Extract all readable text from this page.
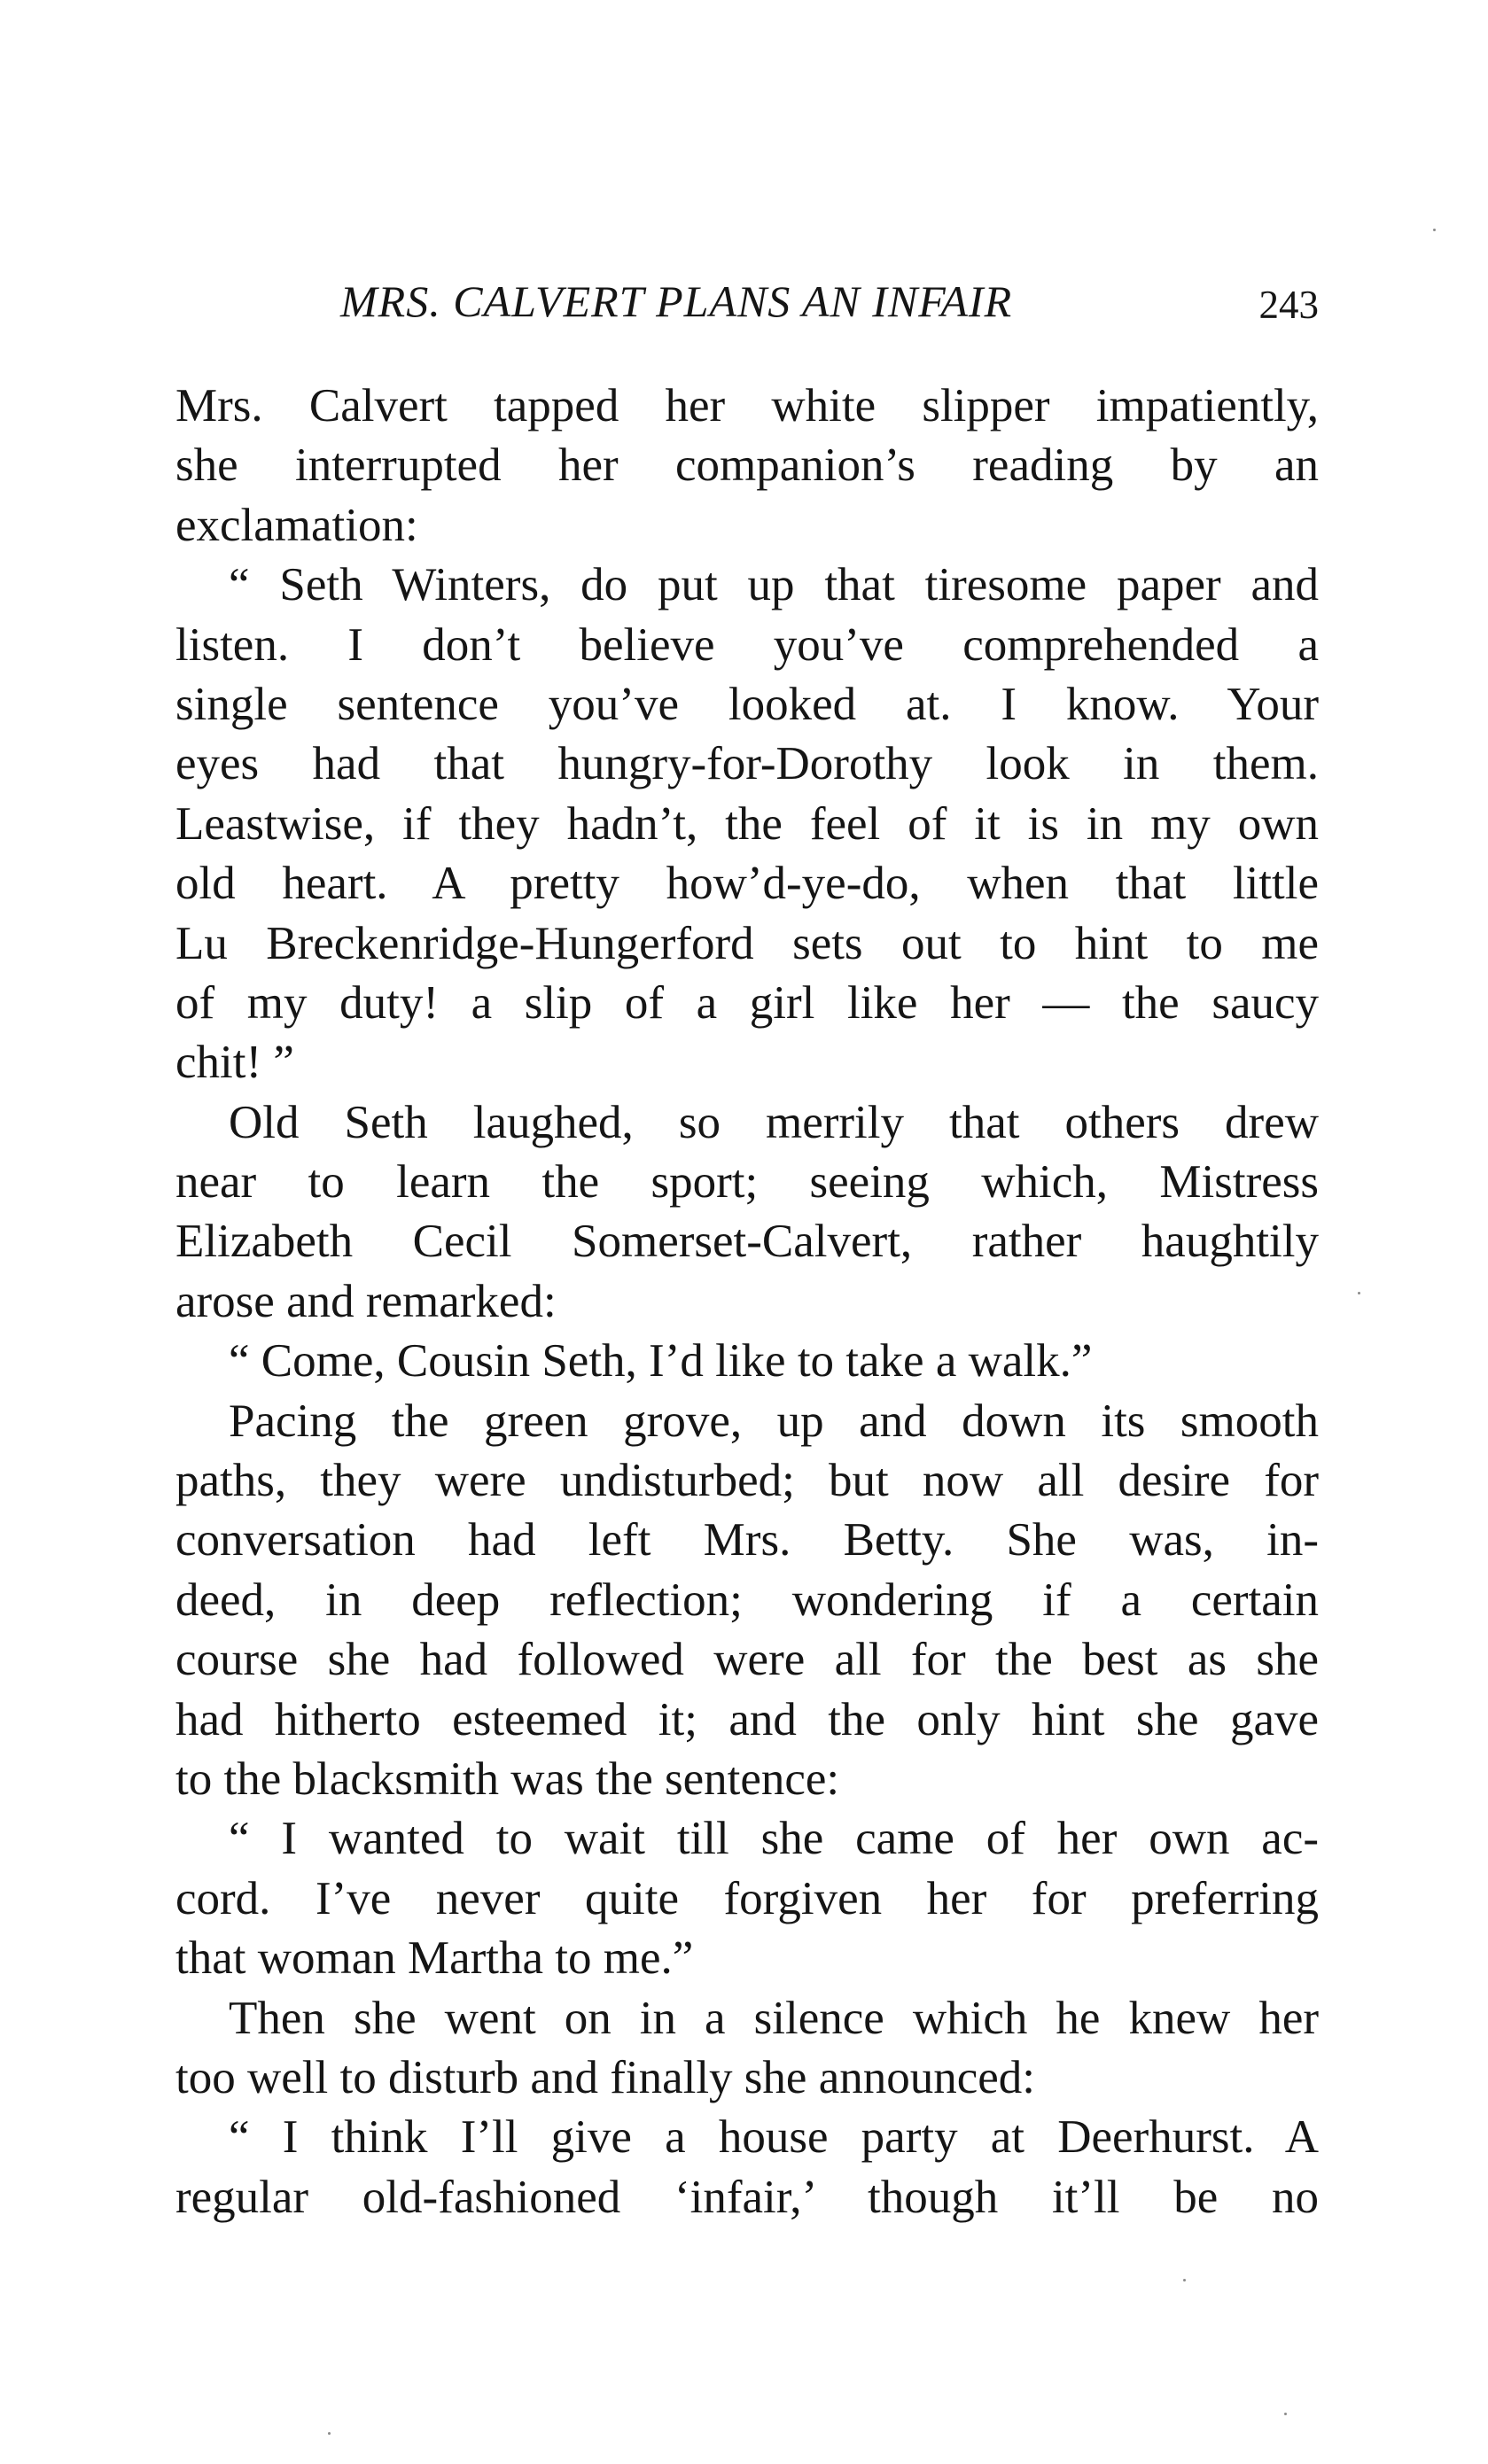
MRS. CALVERT PLANS AN INFAIR	243
Mrs. Calvert tapped her white slipper impatiently,
she interrupted her companion’s reading by an
exclamation:
“ Seth Winters, do put up that tiresome paper and
listen. I don’t believe you’ve comprehended a
single sentence you’ve looked at. I know. Your
eyes had that hungry-for-Dorothy look in them.
Leastwise, if they hadn’t, the feel of it is in my own
old heart. A pretty how’d-ye-do, when that little
Lu Breckenridge-Hungerford sets out to hint to me
of my duty! a slip of a girl like her — the saucy
chit! ”
Old Seth laughed, so merrily that others drew
near to learn the sport; seeing which, Mistress
Elizabeth Cecil Somerset-Calvert, rather haughtily
arose and remarked:
“ Come, Cousin Seth, I’d like to take a walk.”
Pacing the green grove, up and down its smooth
paths, they were undisturbed; but now all desire for
conversation had left Mrs. Betty. She was, in-
deed, in deep reflection; wondering if a certain
course she had followed were all for the best as she
had hitherto esteemed it; and the only hint she gave
to the blacksmith was the sentence:
“ I wanted to wait till she came of her own ac-
cord. I’ve never quite forgiven her for preferring
that woman Martha to me.”
Then she went on in a silence which he knew her
too well to disturb and finally she announced:
“ I think I’ll give a house party at Deerhurst. A
regular old-fashioned ‘infair,’ though it’ll be no
